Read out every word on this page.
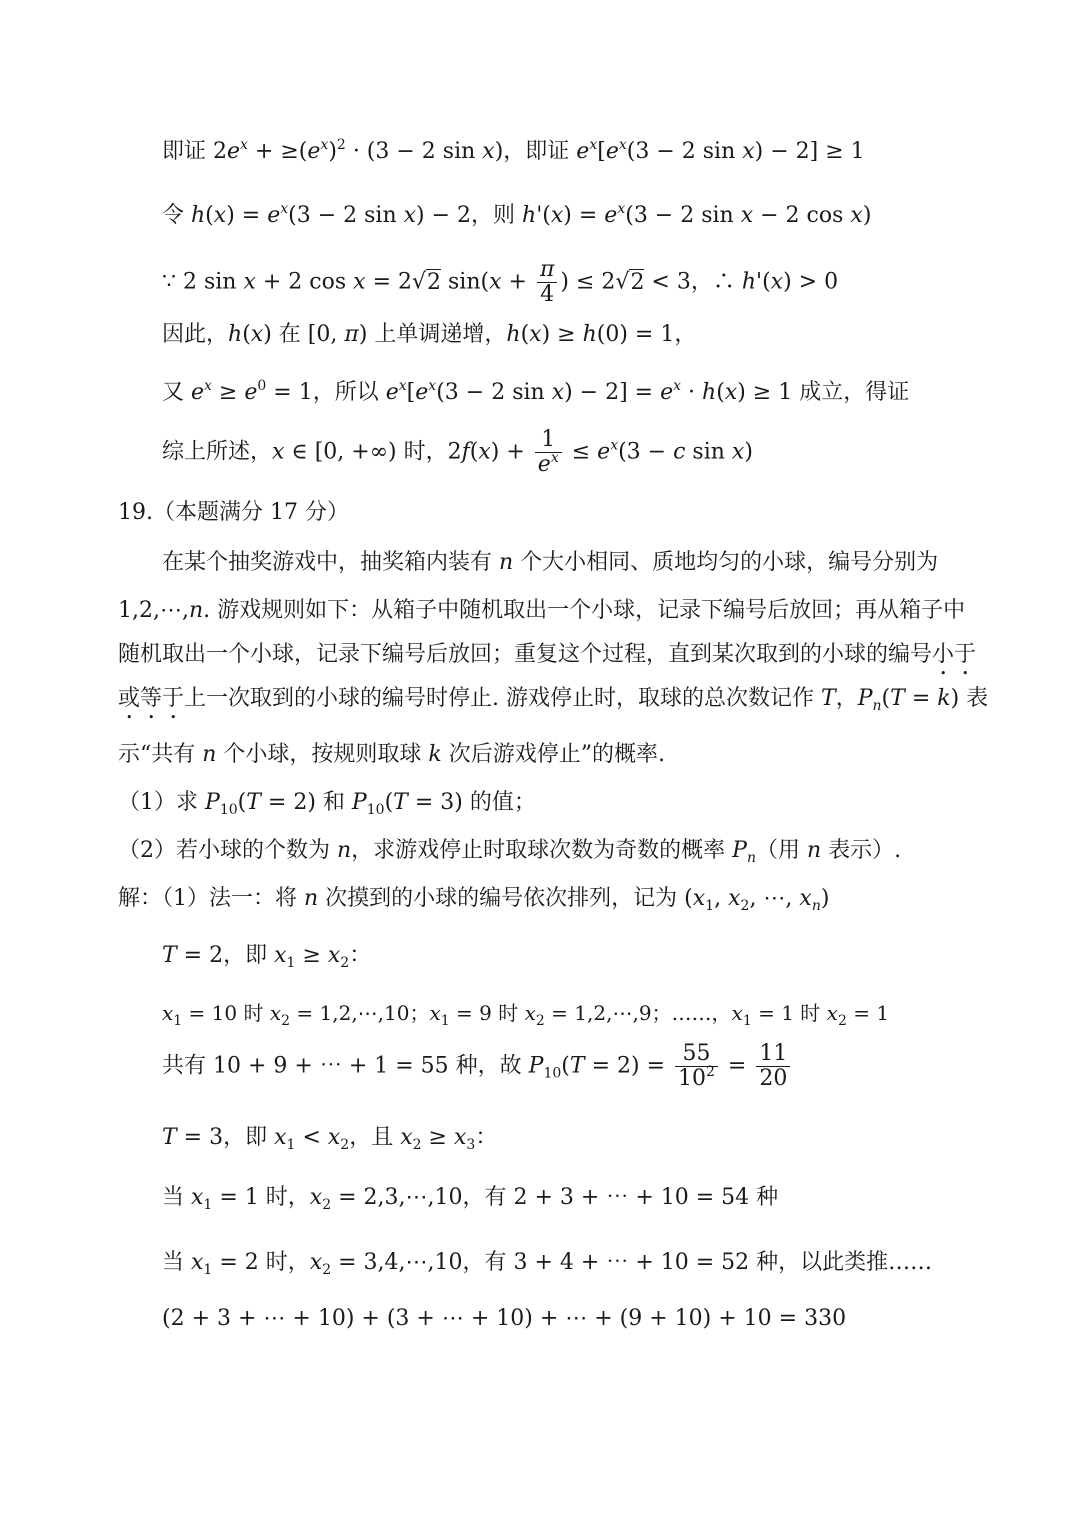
即证 $2e^x + \ge(e^x)^2 \cdot (3 - 2$ sin x)，即证 $e^x[e^x(3 - 2$ sin x) − 2] ≥ 1
令 $h(x) = e^x(3 - 2$ sin x) − 2，则 $h'(x) = e^x(3 - 2$ sin x − 2 cos x)
∵ 2 sin x + 2 cos x = 2√2 $\sin(x + \frac{\pi}{4}$ ) ≤ 2√2 < 3，∴ h'(x) > 0
因此，h(x) 在 [0, π) 上单调递增，h(x) ≥ h(0) = 1，
又 $e^x \ge e^0 = 1$，所以 $e^x[e^x(3 - 2$ $\sin x) - 2] = e^x \cdot h(x) \ge 1$ 成立，得证
综上所述，x ∈ [0, +∞) 时，$2f(x) + \frac{1}{e^x} \le e^x(3 - c$ sin x)
19.（本题满分 17 分）
在某个抽奖游戏中，抽奖箱内装有 n 个大小相同、质地均匀的小球，编号分别为
1,2,⋯,n. 游戏规则如下：从箱子中随机取出一个小球，记录下编号后放回；再从箱子中
随机取出一个小球，记录下编号后放回；重复这个过程，直到某次取到的小球的编号小于
或等于上一次取到的小球的编号时停止. 游戏停止时，取球的总次数记作 T，$P_n(T = k)$ 表
示“共有 n 个小球，按规则取球 k 次后游戏停止”的概率.
（1）求 $P_{10}(T = 2)$ 和 $P_{10}(T = 3)$ 的值；
（2）若小球的个数为 n，求游戏停止时取球次数为奇数的概率 $P_n$（用 n 表示）.
解：（1）法一：将 n 次摸到的小球的编号依次排列，记为 ($x_1$, $x_2$, ⋯, $x_n$)
T = 2，即 $x_1 \ge x_2$：
$x_1 = 10$ 时 $x_2$ = 1,2,⋯,10；$x_1 = 9$ 时 $x_2$ = 1,2,⋯,9；……，$x_1 = 1$ 时 $x_2 = 1$
共有 10 + 9 + ⋯ + 1 = 55 种，故 $P_{10}(T = 2) = \frac{55}{10^2} = \frac{11}{20}$
T = 3，即 $x_1 < x_2$，且 $x_2 \ge x_3$：
当 $x_1 = 1$ 时，$x_2$ = 2,3,⋯,10，有 2 + 3 + ⋯ + 10 = 54 种
当 $x_1 = 2$ 时，$x_2$ = 3,4,⋯,10，有 3 + 4 + ⋯ + 10 = 52 种，以此类推……
(2 + 3 + ⋯ + 10) + (3 + ⋯ + 10) + ⋯ + (9 + 10) + 10 = 330
